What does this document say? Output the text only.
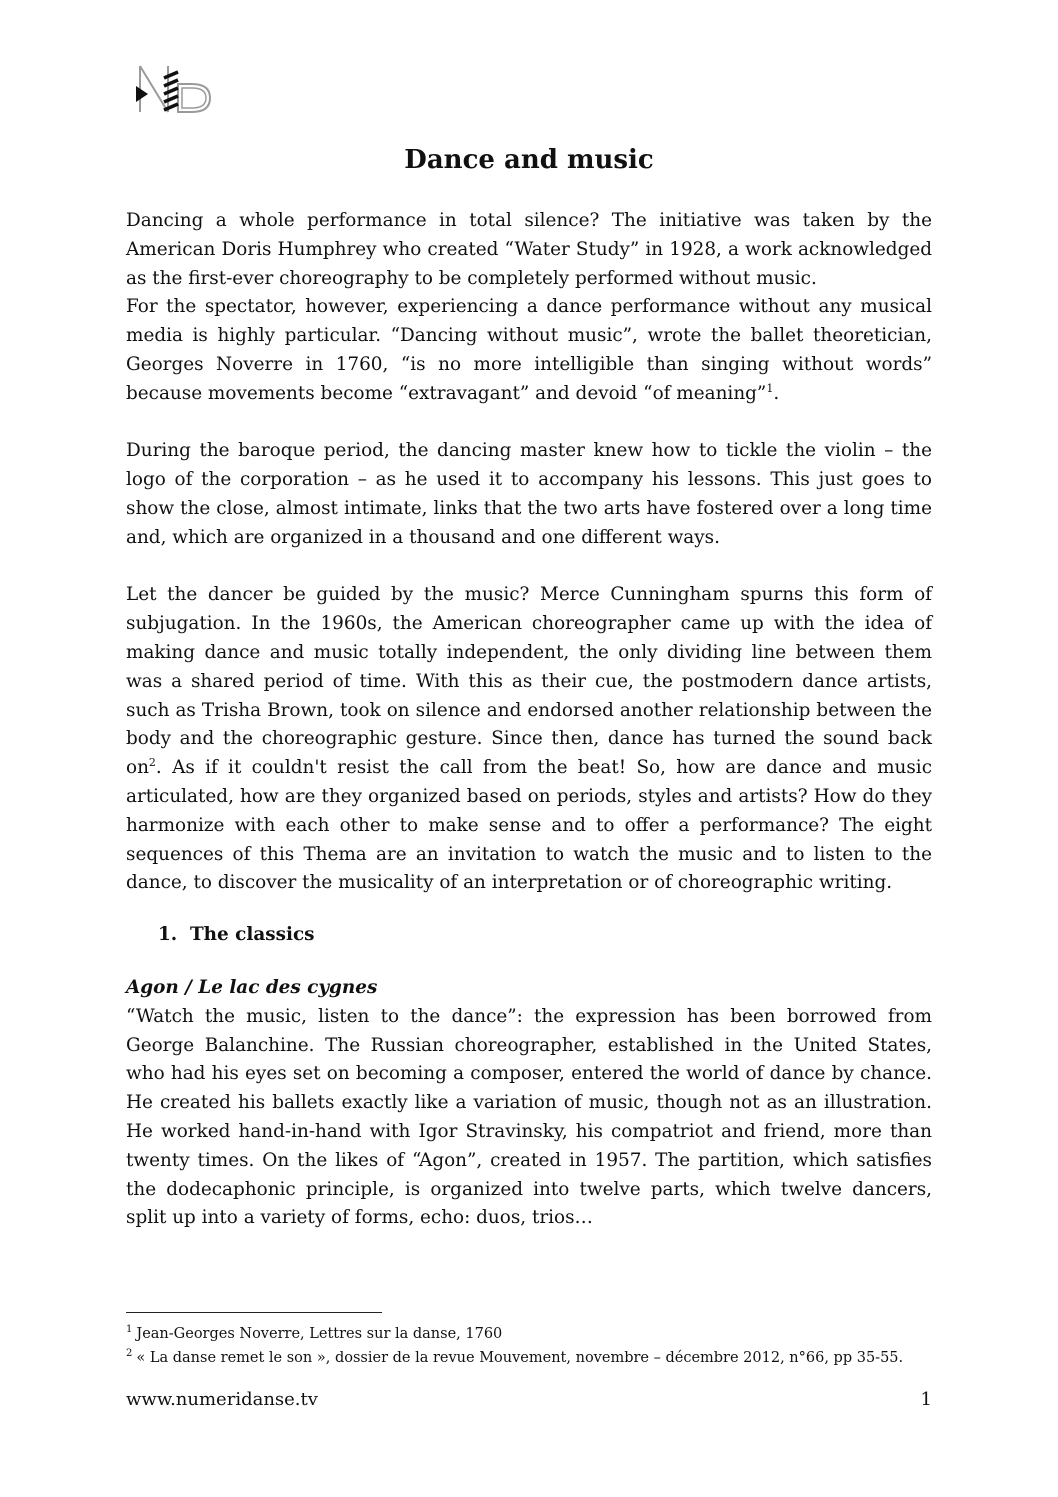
Dance and music

Dancing a whole performance in total silence? The initiative was taken by the American Doris Humphrey who created “Water Study” in 1928, a work acknowledged as the first-ever choreography to be completely performed without music.

For the spectator, however, experiencing a dance performance without any musical media is highly particular. “Dancing without music”, wrote the ballet theoretician, Georges Noverre in 1760, “is no more intelligible than singing without words” because movements become “extravagant” and devoid “of meaning”$^1$.

During the baroque period, the dancing master knew how to tickle the violin – the logo of the corporation – as he used it to accompany his lessons. This just goes to show the close, almost intimate, links that the two arts have fostered over a long time and, which are organized in a thousand and one different ways.

Let the dancer be guided by the music? Merce Cunningham spurns this form of subjugation. In the 1960s, the American choreographer came up with the idea of making dance and music totally independent, the only dividing line between them was a shared period of time. With this as their cue, the postmodern dance artists, such as Trisha Brown, took on silence and endorsed another relationship between the body and the choreographic gesture. Since then, dance has turned the sound back $on^2$. As if it couldn't resist the call from the beat! So, how are dance and music articulated, how are they organized based on periods, styles and artists? How do they harmonize with each other to make sense and to offer a performance? The eight sequences of this Thema are an invitation to watch the music and to listen to the dance, to discover the musicality of an interpretation or of choreographic writing.

1. The classics

Agon / Le lac des cygnes

“Watch the music, listen to the dance”: the expression has been borrowed from George Balanchine. The Russian choreographer, established in the United States, who had his eyes set on becoming a composer, entered the world of dance by chance. He created his ballets exactly like a variation of music, though not as an illustration. He worked hand-in-hand with Igor Stravinsky, his compatriot and friend, more than twenty times. On the likes of “Agon”, created in 1957. The partition, which satisfies the dodecaphonic principle, is organized into twelve parts, which twelve dancers, split up into a variety of forms, echo: duos, trios…

$^1$ Jean-Georges Noverre, Lettres sur la danse, 1760
$^2$ « La danse remet le son », dossier de la revue Mouvement, novembre – décembre 2012, n°66, pp 35-55.
www.numeridanse.tv	1
